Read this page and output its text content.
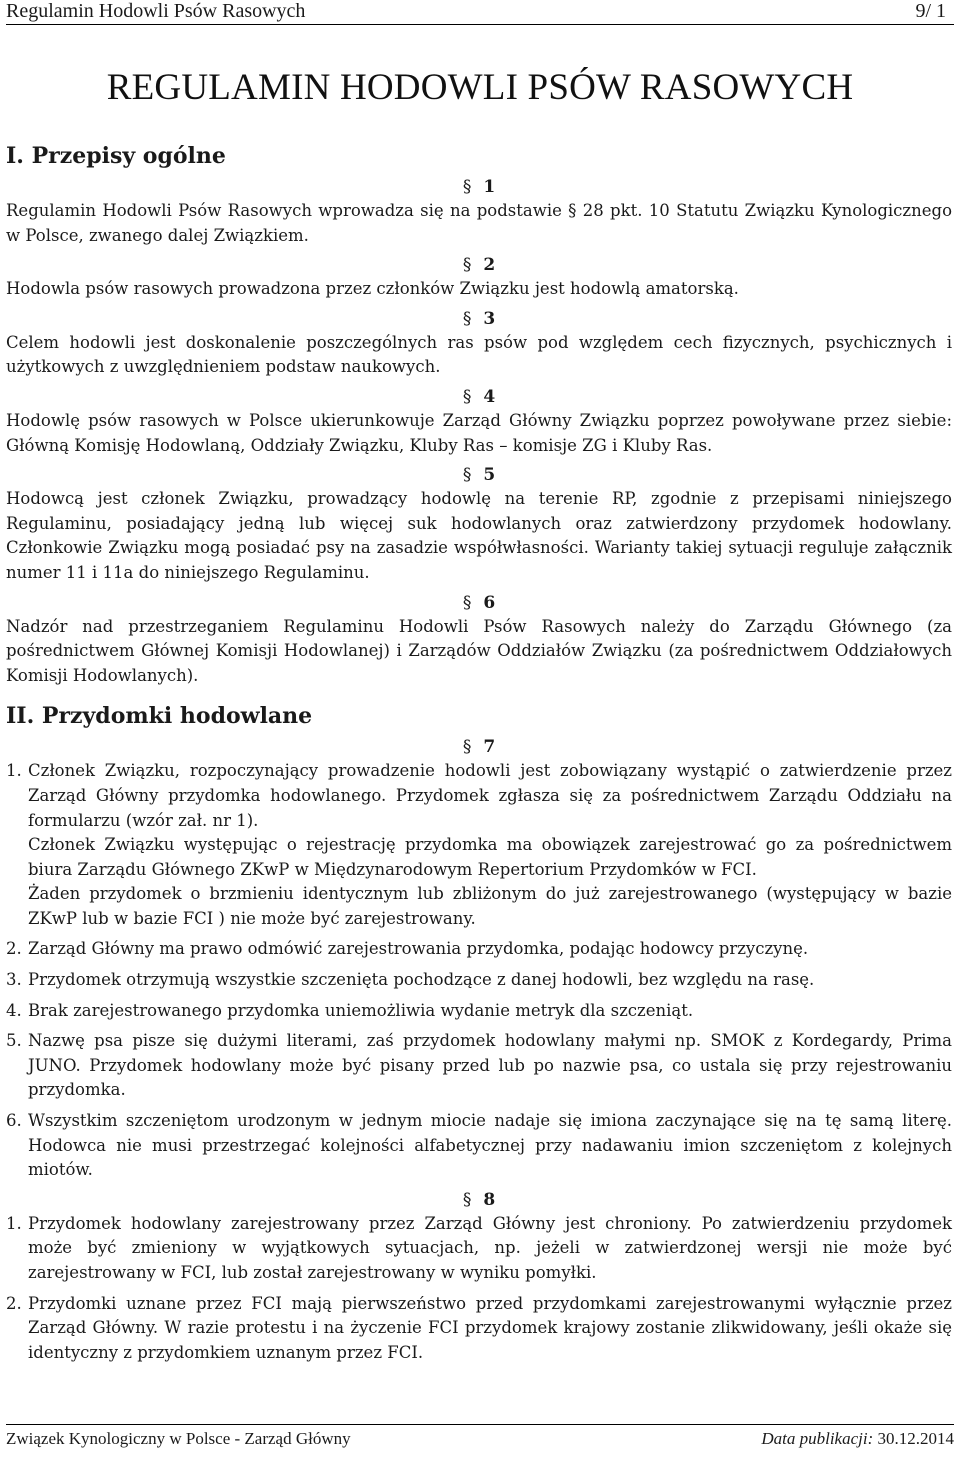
Regulamin Hodowli Psów Rasowych	9/ 1
REGULAMIN HODOWLI PSÓW RASOWYCH
I. Przepisy ogólne
§ 1

Regulamin Hodowli Psów Rasowych wprowadza się na podstawie § 28 pkt. 10 Statutu Związku Kynologicznego w Polsce, zwanego dalej Związkiem.

§ 2

Hodowla psów rasowych prowadzona przez członków Związku jest hodowlą amatorską.

§ 3

Celem hodowli jest doskonalenie poszczególnych ras psów pod względem cech fizycznych, psychicznych i użytkowych z uwzględnieniem podstaw naukowych.

§ 4

Hodowlę psów rasowych w Polsce ukierunkowuje Zarząd Główny Związku poprzez powoływane przez siebie: Główną Komisję Hodowlaną, Oddziały Związku, Kluby Ras – komisje ZG i Kluby Ras.

§ 5

Hodowcą jest członek Związku, prowadzący hodowlę na terenie RP, zgodnie z przepisami niniejszego Regulaminu, posiadający jedną lub więcej suk hodowlanych oraz zatwierdzony przydomek hodowlany. Członkowie Związku mogą posiadać psy na zasadzie współwłasności. Warianty takiej sytuacji reguluje załącznik numer 11 i 11a do niniejszego Regulaminu.

§ 6

Nadzór nad przestrzeganiem Regulaminu Hodowli Psów Rasowych należy do Zarządu Głównego (za pośrednictwem Głównej Komisji Hodowlanej) i Zarządów Oddziałów Związku (za pośrednictwem Oddziałowych Komisji Hodowlanych).

II. Przydomki hodowlane
§ 7
1. Członek Związku, rozpoczynający prowadzenie hodowli jest zobowiązany wystąpić o zatwierdzenie przez Zarząd Główny przydomka hodowlanego. Przydomek zgłasza się za pośrednictwem Zarządu Oddziału na formularzu (wzór zał. nr 1).

Członek Związku występując o rejestrację przydomka ma obowiązek zarejestrować go za pośrednictwem biura Zarządu Głównego ZKwP w Międzynarodowym Repertorium Przydomków w FCI.

Żaden przydomek o brzmieniu identycznym lub zbliżonym do już zarejestrowanego (występujący w bazie ZKwP lub w bazie FCI ) nie może być zarejestrowany.

2. Zarząd Główny ma prawo odmówić zarejestrowania przydomka, podając hodowcy przyczynę.

3. Przydomek otrzymują wszystkie szczenięta pochodzące z danej hodowli, bez względu na rasę.

4. Brak zarejestrowanego przydomka uniemożliwia wydanie metryk dla szczeniąt.

5. Nazwę psa pisze się dużymi literami, zaś przydomek hodowlany małymi np. SMOK z Kordegardy, Prima JUNO. Przydomek hodowlany może być pisany przed lub po nazwie psa, co ustala się przy rejestrowaniu przydomka.

6. Wszystkim szczeniętom urodzonym w jednym miocie nadaje się imiona zaczynające się na tę samą literę. Hodowca nie musi przestrzegać kolejności alfabetycznej przy nadawaniu imion szczeniętom z kolejnych miotów.

§ 8
1. Przydomek hodowlany zarejestrowany przez Zarząd Główny jest chroniony. Po zatwierdzeniu przydomek może być zmieniony w wyjątkowych sytuacjach, np. jeżeli w zatwierdzonej wersji nie może być zarejestrowany w FCI, lub został zarejestrowany w wyniku pomyłki.

2. Przydomki uznane przez FCI mają pierwszeństwo przed przydomkami zarejestrowanymi wyłącznie przez Zarząd Główny. W razie protestu i na życzenie FCI przydomek krajowy zostanie zlikwidowany, jeśli okaże się identyczny z przydomkiem uznanym przez FCI.

Związek Kynologiczny w Polsce - Zarząd Główny	Data publikacji: 30.12.2014
